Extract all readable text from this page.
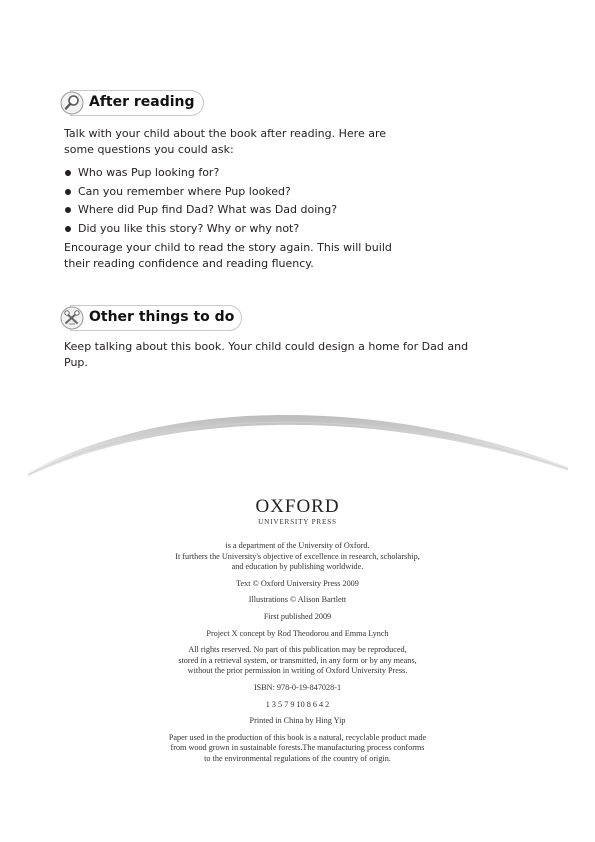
After reading
Talk with your child about the book after reading. Here are some questions you could ask:
Who was Pup looking for?
Can you remember where Pup looked?
Where did Pup find Dad? What was Dad doing?
Did you like this story? Why or why not?
Encourage your child to read the story again. This will build their reading confidence and reading fluency.
Other things to do
Keep talking about this book. Your child could design a home for Dad and Pup.
OXFORD
UNIVERSITY PRESS
is a department of the University of Oxford.
It furthers the University's objective of excellence in research, scholarship,
and education by publishing worldwide.
Text © Oxford University Press 2009
Illustrations © Alison Bartlett
First published 2009
Project X concept by Rod Theodorou and Emma Lynch
All rights reserved. No part of this publication may be reproduced,
stored in a retrieval system, or transmitted, in any form or by any means,
without the prior permission in writing of Oxford University Press.
ISBN: 978-0-19-847028-1
1 3 5 7 9 10 8 6 4 2
Printed in China by Hing Yip
Paper used in the production of this book is a natural, recyclable product made
from wood grown in sustainable forests.The manufacturing process conforms
to the environmental regulations of the country of origin.
